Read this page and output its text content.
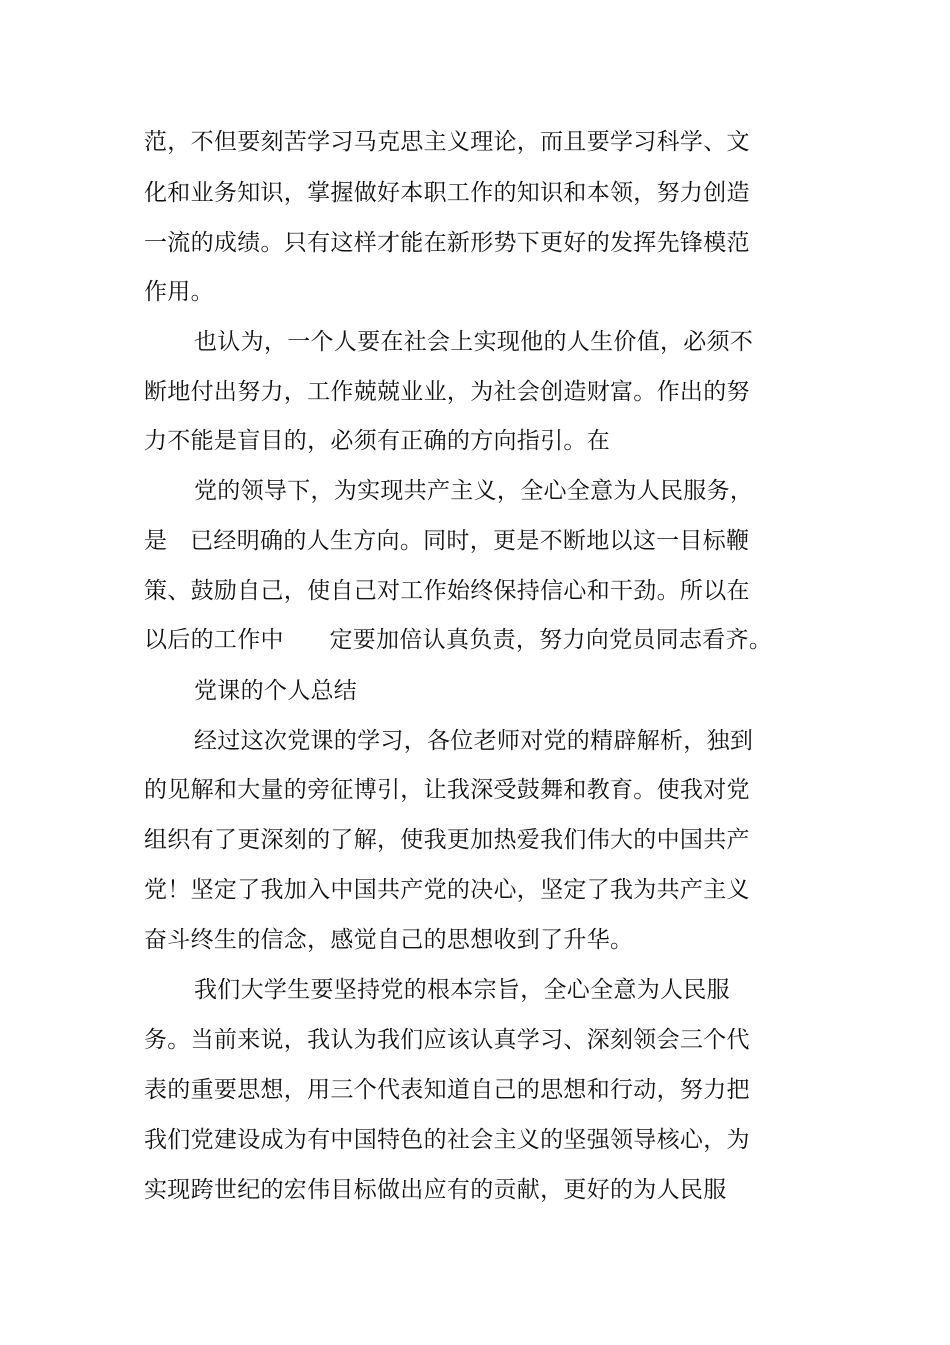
范，不但要刻苦学习马克思主义理论，而且要学习科学、文
化和业务知识，掌握做好本职工作的知识和本领，努力创造
一流的成绩。只有这样才能在新形势下更好的发挥先锋模范
作用。
也认为，一个人要在社会上实现他的人生价值，必须不
断地付出努力，工作兢兢业业，为社会创造财富。作出的努
力不能是盲目的，必须有正确的方向指引。在
党的领导下，为实现共产主义，全心全意为人民服务，
是   已经明确的人生方向。同时，更是不断地以这一目标鞭
策、鼓励自己，使自己对工作始终保持信心和干劲。所以在
以后的工作中      定要加倍认真负责，努力向党员同志看齐。
党课的个人总结
经过这次党课的学习，各位老师对党的精辟解析，独到
的见解和大量的旁征博引，让我深受鼓舞和教育。使我对党
组织有了更深刻的了解，使我更加热爱我们伟大的中国共产
党！坚定了我加入中国共产党的决心，坚定了我为共产主义
奋斗终生的信念，感觉自己的思想收到了升华。
我们大学生要坚持党的根本宗旨，全心全意为人民服
务。当前来说，我认为我们应该认真学习、深刻领会三个代
表的重要思想，用三个代表知道自己的思想和行动，努力把
我们党建设成为有中国特色的社会主义的坚强领导核心，为
实现跨世纪的宏伟目标做出应有的贡献，更好的为人民服
